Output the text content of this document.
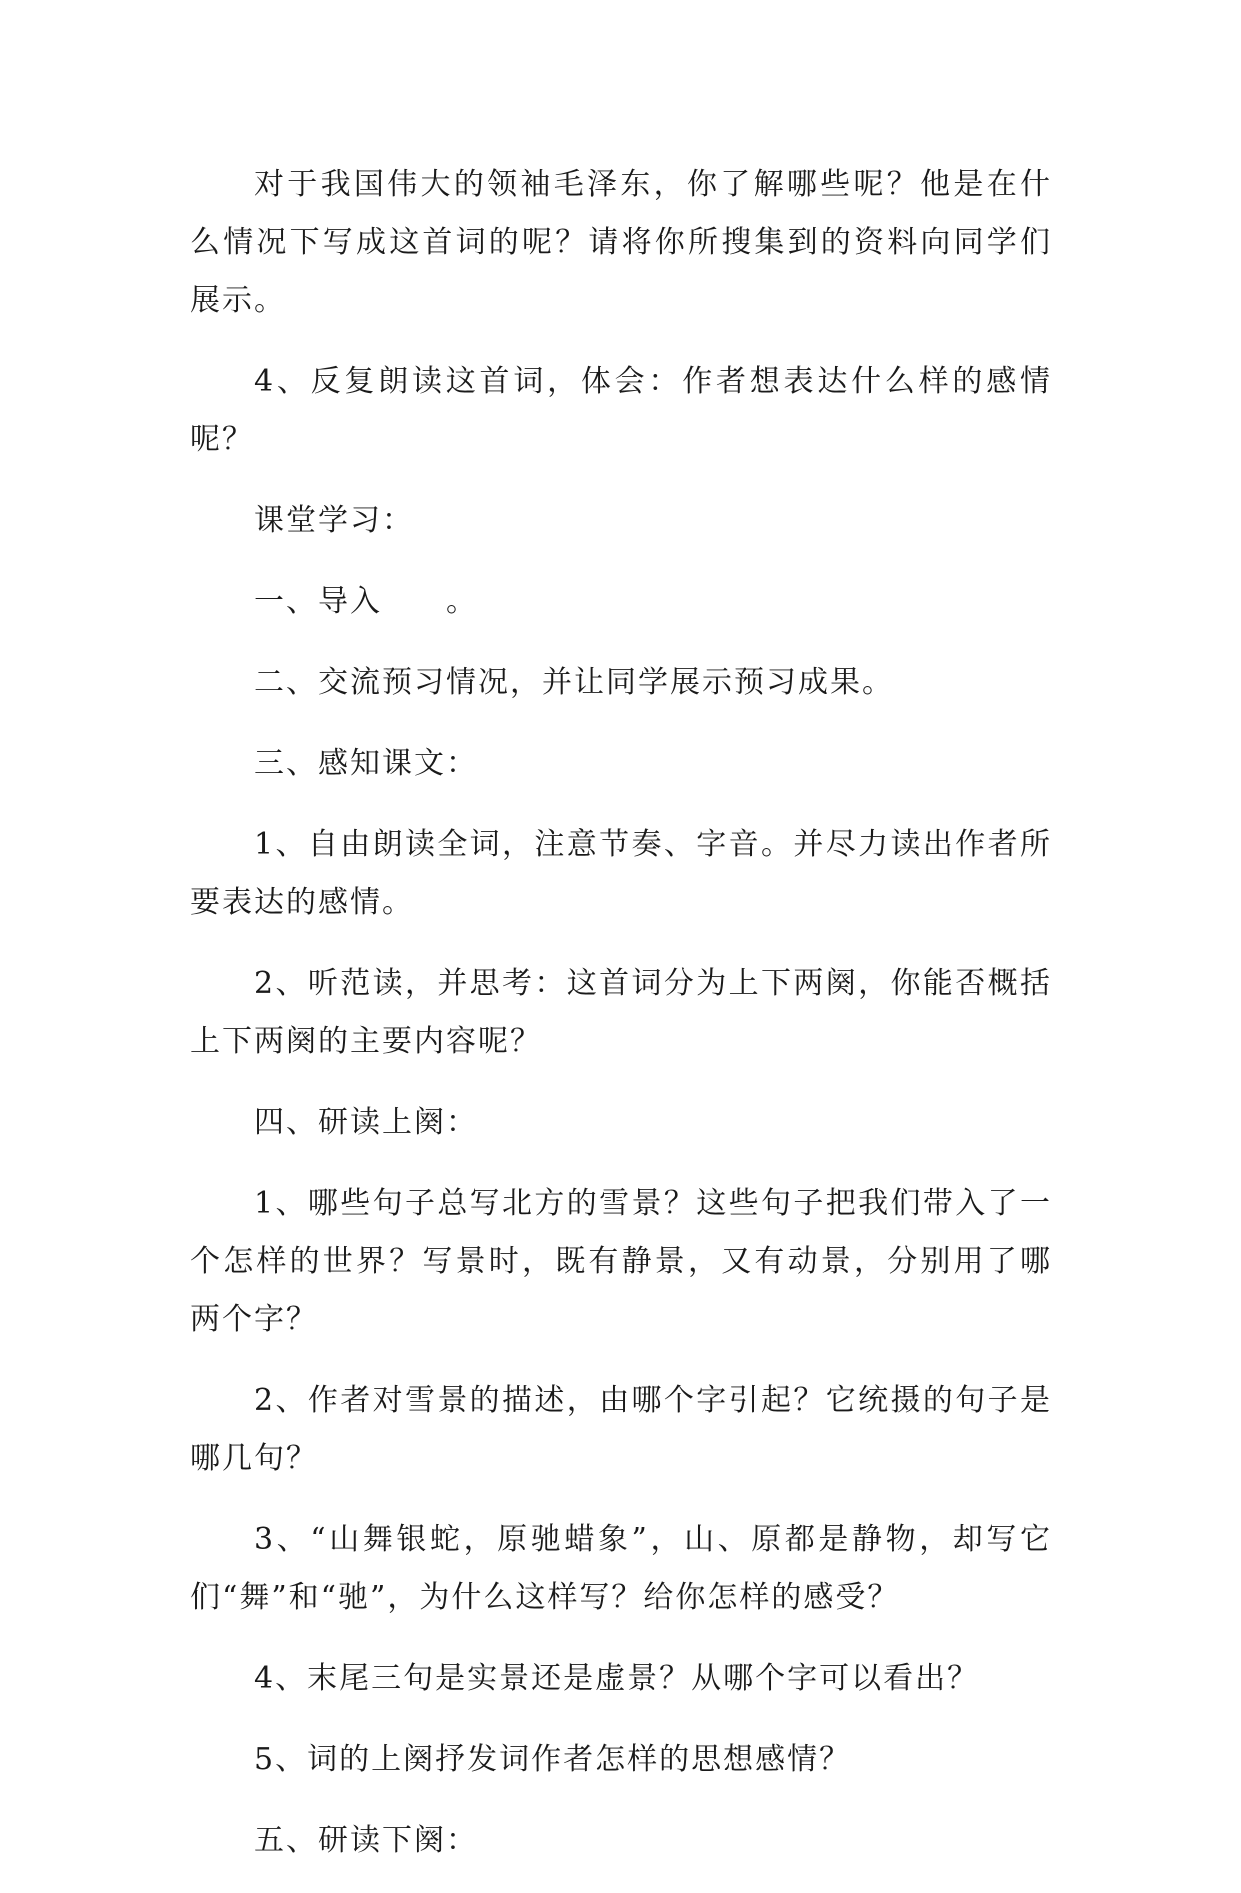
对于我国伟大的领袖毛泽东，你了解哪些呢？他是在什么情况下写成这首词的呢？请将你所搜集到的资料向同学们展示。

4、反复朗读这首词，体会：作者想表达什么样的感情呢？

课堂学习：

一、导入　　。

二、交流预习情况，并让同学展示预习成果。

三、感知课文：

1、自由朗读全词，注意节奏、字音。并尽力读出作者所要表达的感情。

2、听范读，并思考：这首词分为上下两阕，你能否概括上下两阕的主要内容呢？

四、研读上阕：

1、哪些句子总写北方的雪景？这些句子把我们带入了一个怎样的世界？写景时，既有静景，又有动景，分别用了哪两个字？

2、作者对雪景的描述，由哪个字引起？它统摄的句子是哪几句？

3、“山舞银蛇，原驰蜡象”，山、原都是静物，却写它们“舞”和“驰”，为什么这样写？给你怎样的感受？

4、末尾三句是实景还是虚景？从哪个字可以看出？

5、词的上阕抒发词作者怎样的思想感情？

五、研读下阕：
